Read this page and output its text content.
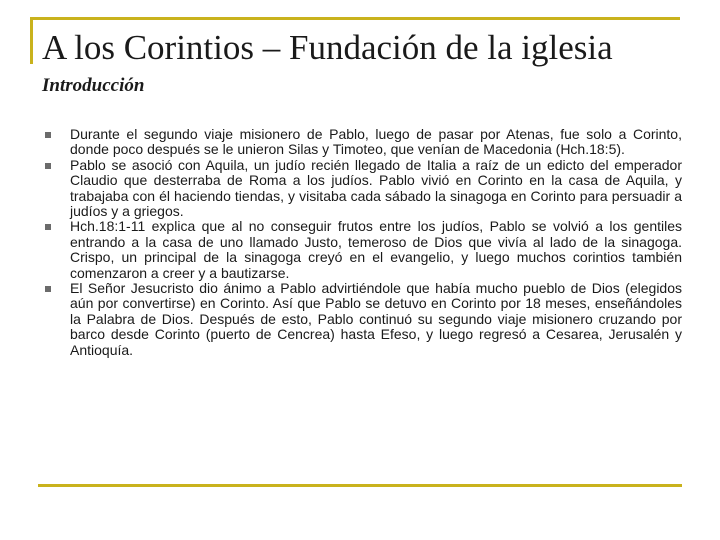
A los Corintios – Fundación de la iglesia
Introducción
Durante el segundo viaje misionero de Pablo, luego de pasar por Atenas, fue solo a Corinto, donde poco después se le unieron Silas y Timoteo, que venían de Macedonia (Hch.18:5).
Pablo se asoció con Aquila, un judío recién llegado de Italia a raíz de un edicto del emperador Claudio que desterraba de Roma a los judíos. Pablo vivió en Corinto en la casa de Aquila, y trabajaba con él haciendo tiendas, y visitaba cada sábado la sinagoga en Corinto para persuadir a judíos y a griegos.
Hch.18:1-11 explica que al no conseguir frutos entre los judíos, Pablo se volvió a los gentiles entrando a la casa de uno llamado Justo, temeroso de Dios que vivía al lado de la sinagoga. Crispo, un principal de la sinagoga creyó en el evangelio, y luego muchos corintios también comenzaron a creer y a bautizarse.
El Señor Jesucristo dio ánimo a Pablo advirtiéndole que había mucho pueblo de Dios (elegidos aún por convertirse) en Corinto. Así que Pablo se detuvo en Corinto por 18 meses, enseñándoles la Palabra de Dios. Después de esto, Pablo continuó su segundo viaje misionero cruzando por barco desde Corinto (puerto de Cencrea) hasta Efeso, y luego regresó a Cesarea, Jerusalén y Antioquía.
